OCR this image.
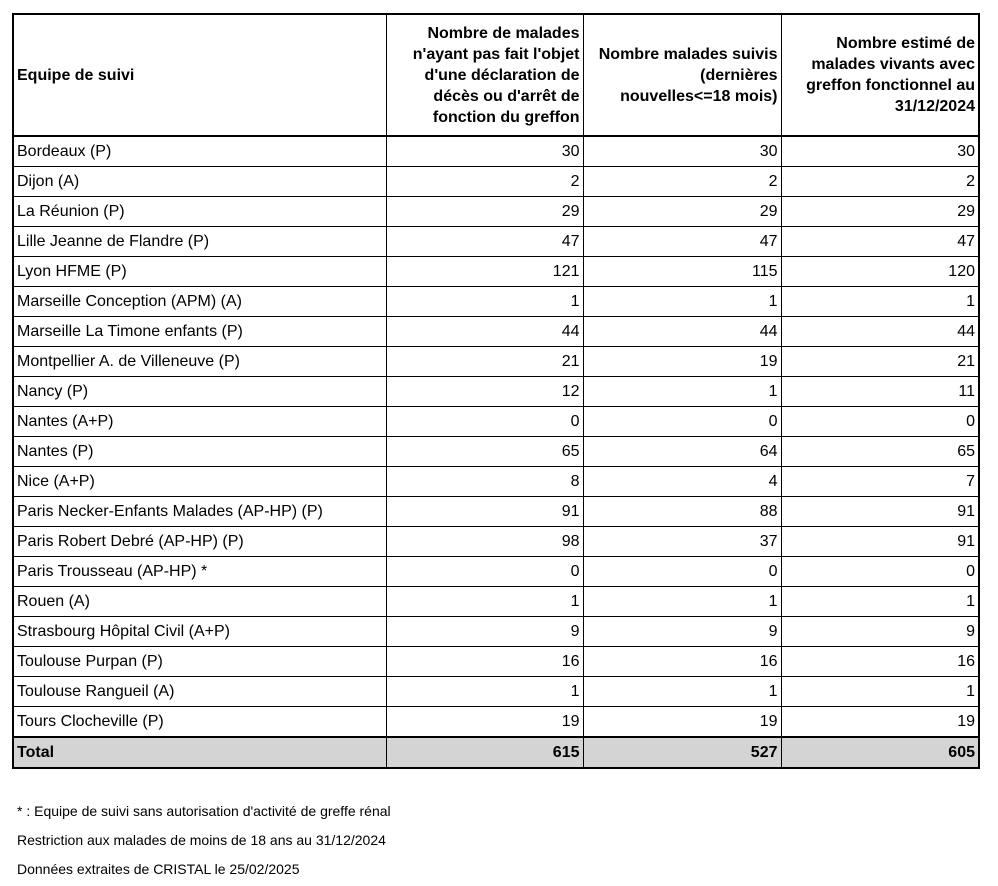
Equipe de suivi	Nombre de malades n'ayant pas fait l'objet d'une déclaration de décès ou d'arrêt de fonction du greffon	Nombre malades suivis (dernières nouvelles<=18 mois)	Nombre estimé de malades vivants avec greffon fonctionnel au 31/12/2024
Bordeaux (P)	30	30	30
Dijon (A)	2	2	2
La Réunion (P)	29	29	29
Lille Jeanne de Flandre (P)	47	47	47
Lyon HFME (P)	121	115	120
Marseille Conception (APM) (A)	1	1	1
Marseille La Timone enfants (P)	44	44	44
Montpellier A. de Villeneuve (P)	21	19	21
Nancy (P)	12	1	11
Nantes (A+P)	0	0	0
Nantes (P)	65	64	65
Nice (A+P)	8	4	7
Paris Necker-Enfants Malades (AP-HP) (P)	91	88	91
Paris Robert Debré (AP-HP) (P)	98	37	91
Paris Trousseau (AP-HP) *	0	0	0
Rouen (A)	1	1	1
Strasbourg Hôpital Civil (A+P)	9	9	9
Toulouse Purpan (P)	16	16	16
Toulouse Rangueil (A)	1	1	1
Tours Clocheville (P)	19	19	19
Total	615	527	605
* : Equipe de suivi sans autorisation d'activité de greffe rénal
Restriction aux malades de moins de 18 ans au 31/12/2024
Données extraites de CRISTAL le 25/02/2025
